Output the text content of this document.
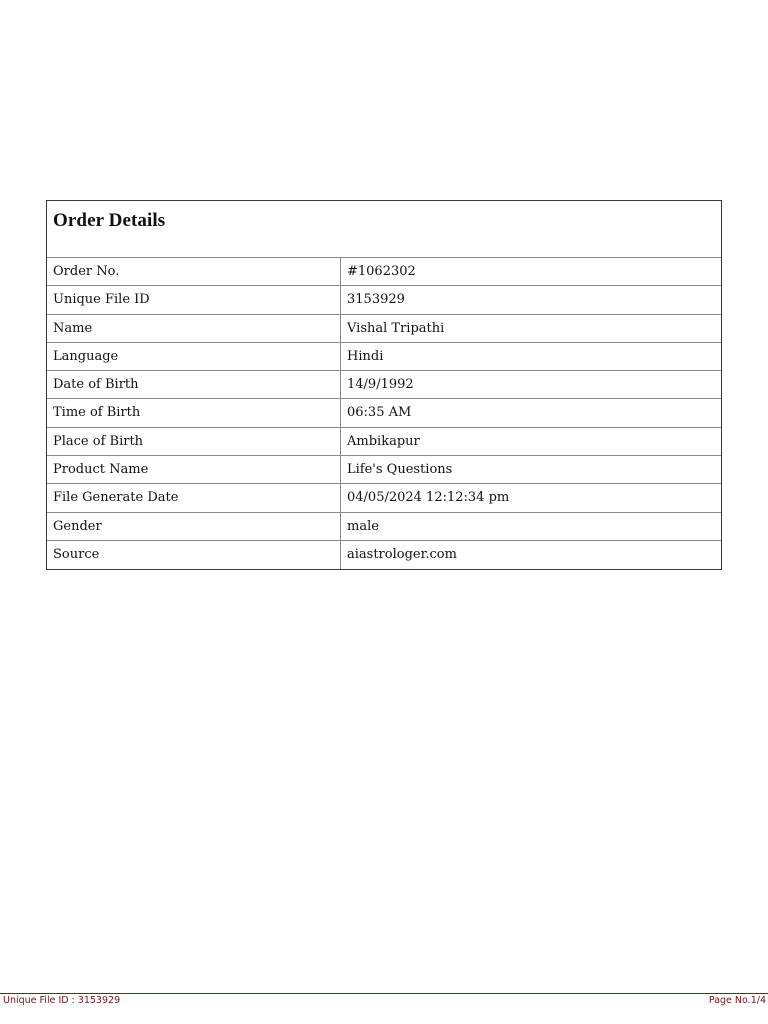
Order Details
Order No.	#1062302
Unique File ID	3153929
Name	Vishal Tripathi
Language	Hindi
Date of Birth	14/9/1992
Time of Birth	06:35 AM
Place of Birth	Ambikapur
Product Name	Life's Questions
File Generate Date	04/05/2024 12:12:34 pm
Gender	male
Source	aiastrologer.com
Unique File ID : 3153929	Page No.1/4
